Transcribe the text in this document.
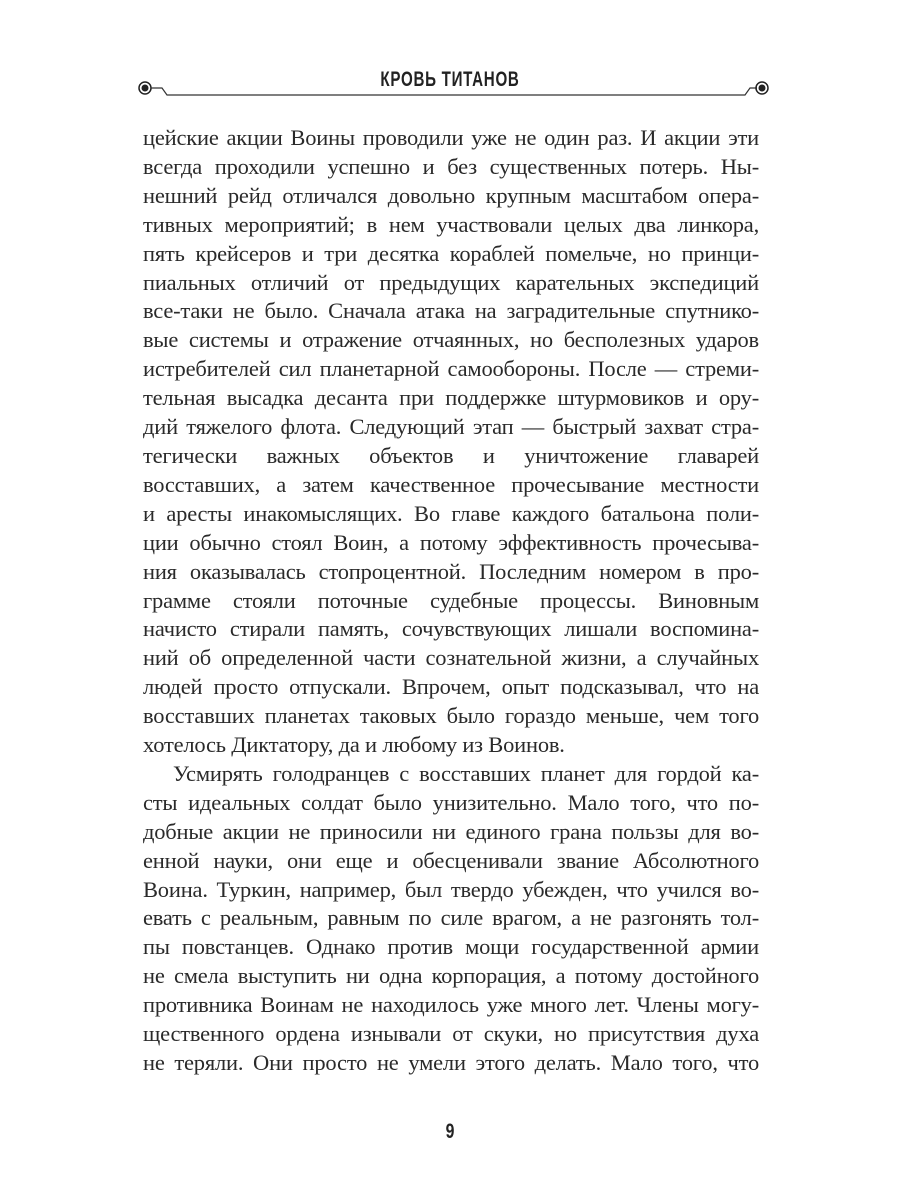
КРОВЬ ТИТАНОВ
цейские акции Воины проводили уже не один раз. И акции эти
всегда проходили успешно и без существенных потерь. Ны-
нешний рейд отличался довольно крупным масштабом опера-
тивных мероприятий; в нем участвовали целых два линкора,
пять крейсеров и три десятка кораблей помельче, но принци-
пиальных отличий от предыдущих карательных экспедиций
все-таки не было. Сначала атака на заградительные спутнико-
вые системы и отражение отчаянных, но бесполезных ударов
истребителей сил планетарной самообороны. После — стреми-
тельная высадка десанта при поддержке штурмовиков и ору-
дий тяжелого флота. Следующий этап — быстрый захват стра-
тегически важных объектов и уничтожение главарей
восставших, а затем качественное прочесывание местности
и аресты инакомыслящих. Во главе каждого батальона поли-
ции обычно стоял Воин, а потому эффективность прочесыва-
ния оказывалась стопроцентной. Последним номером в про-
грамме стояли поточные судебные процессы. Виновным
начисто стирали память, сочувствующих лишали воспомина-
ний об определенной части сознательной жизни, а случайных
людей просто отпускали. Впрочем, опыт подсказывал, что на
восставших планетах таковых было гораздо меньше, чем того
хотелось Диктатору, да и любому из Воинов.
Усмирять голодранцев с восставших планет для гордой ка-
сты идеальных солдат было унизительно. Мало того, что по-
добные акции не приносили ни единого грана пользы для во-
енной науки, они еще и обесценивали звание Абсолютного
Воина. Туркин, например, был твердо убежден, что учился во-
евать с реальным, равным по силе врагом, а не разгонять тол-
пы повстанцев. Однако против мощи государственной армии
не смела выступить ни одна корпорация, а потому достойного
противника Воинам не находилось уже много лет. Члены могу-
щественного ордена изнывали от скуки, но присутствия духа
не теряли. Они просто не умели этого делать. Мало того, что
9
